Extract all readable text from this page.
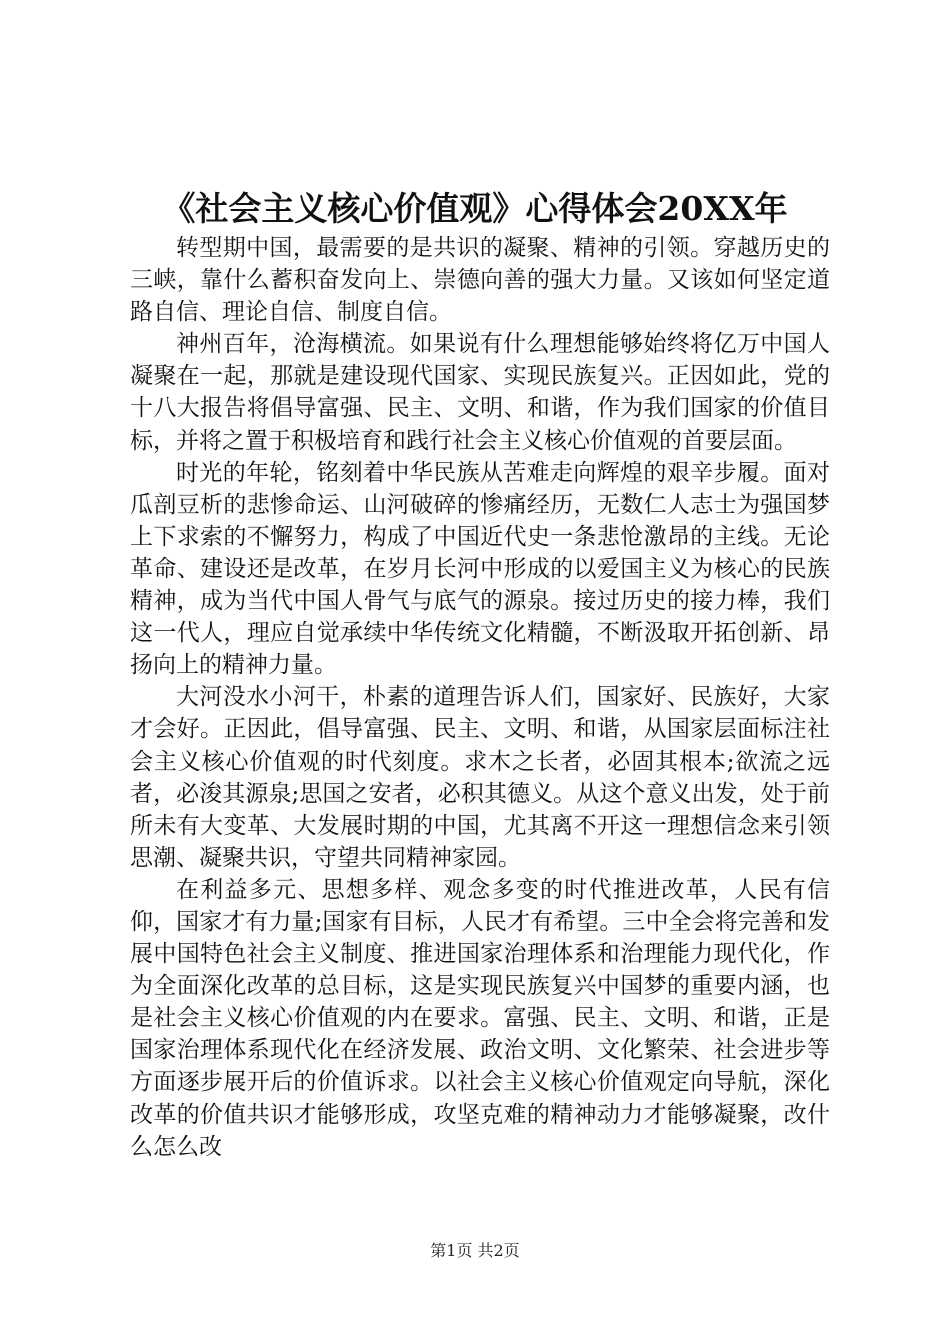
《社会主义核心价值观》心得体会20XX年

转型期中国，最需要的是共识的凝聚、精神的引领。穿越历史的三峡，靠什么蓄积奋发向上、崇德向善的强大力量。又该如何坚定道路自信、理论自信、制度自信。

神州百年，沧海横流。如果说有什么理想能够始终将亿万中国人凝聚在一起，那就是建设现代国家、实现民族复兴。正因如此，党的十八大报告将倡导富强、民主、文明、和谐，作为我们国家的价值目标，并将之置于积极培育和践行社会主义核心价值观的首要层面。

时光的年轮，铭刻着中华民族从苦难走向辉煌的艰辛步履。面对瓜剖豆析的悲惨命运、山河破碎的惨痛经历，无数仁人志士为强国梦上下求索的不懈努力，构成了中国近代史一条悲怆激昂的主线。无论革命、建设还是改革，在岁月长河中形成的以爱国主义为核心的民族精神，成为当代中国人骨气与底气的源泉。接过历史的接力棒，我们这一代人，理应自觉承续中华传统文化精髓，不断汲取开拓创新、昂扬向上的精神力量。

大河没水小河干，朴素的道理告诉人们，国家好、民族好，大家才会好。正因此，倡导富强、民主、文明、和谐，从国家层面标注社会主义核心价值观的时代刻度。求木之长者，必固其根本;欲流之远者，必浚其源泉;思国之安者，必积其德义。从这个意义出发，处于前所未有大变革、大发展时期的中国，尤其离不开这一理想信念来引领思潮、凝聚共识，守望共同精神家园。

在利益多元、思想多样、观念多变的时代推进改革，人民有信仰，国家才有力量;国家有目标，人民才有希望。三中全会将完善和发展中国特色社会主义制度、推进国家治理体系和治理能力现代化，作为全面深化改革的总目标，这是实现民族复兴中国梦的重要内涵，也是社会主义核心价值观的内在要求。富强、民主、文明、和谐，正是国家治理体系现代化在经济发展、政治文明、文化繁荣、社会进步等方面逐步展开后的价值诉求。以社会主义核心价值观定向导航，深化改革的价值共识才能够形成，攻坚克难的精神动力才能够凝聚，改什么怎么改

第1页 共2页
